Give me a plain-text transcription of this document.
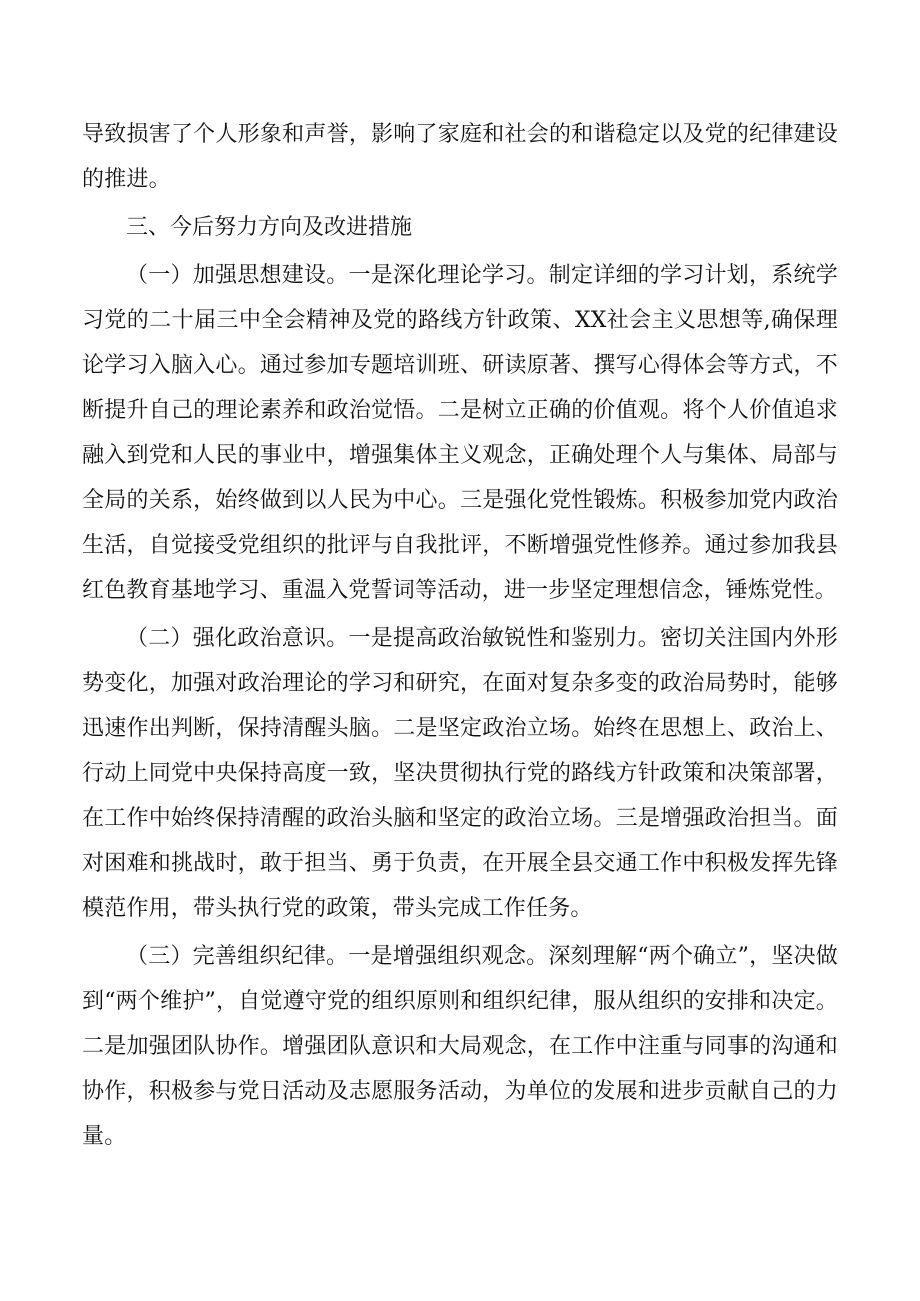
导致损害了个人形象和声誉，影响了家庭和社会的和谐稳定以及党的纪律建设的推进。

三、今后努力方向及改进措施

（一）加强思想建设。一是深化理论学习。制定详细的学习计划，系统学习党的二十届三中全会精神及党的路线方针政策、XX社会主义思想等,确保理论学习入脑入心。通过参加专题培训班、研读原著、撰写心得体会等方式，不断提升自己的理论素养和政治觉悟。二是树立正确的价值观。将个人价值追求融入到党和人民的事业中，增强集体主义观念，正确处理个人与集体、局部与全局的关系，始终做到以人民为中心。三是强化党性锻炼。积极参加党内政治生活，自觉接受党组织的批评与自我批评，不断增强党性修养。通过参加我县红色教育基地学习、重温入党誓词等活动，进一步坚定理想信念，锤炼党性。

（二）强化政治意识。一是提高政治敏锐性和鉴别力。密切关注国内外形势变化，加强对政治理论的学习和研究，在面对复杂多变的政治局势时，能够迅速作出判断，保持清醒头脑。二是坚定政治立场。始终在思想上、政治上、行动上同党中央保持高度一致，坚决贯彻执行党的路线方针政策和决策部署，在工作中始终保持清醒的政治头脑和坚定的政治立场。三是增强政治担当。面对困难和挑战时，敢于担当、勇于负责，在开展全县交通工作中积极发挥先锋模范作用，带头执行党的政策，带头完成工作任务。

（三）完善组织纪律。一是增强组织观念。深刻理解“两个确立”，坚决做到“两个维护”，自觉遵守党的组织原则和组织纪律，服从组织的安排和决定。二是加强团队协作。增强团队意识和大局观念，在工作中注重与同事的沟通和协作，积极参与党日活动及志愿服务活动，为单位的发展和进步贡献自己的力量。
